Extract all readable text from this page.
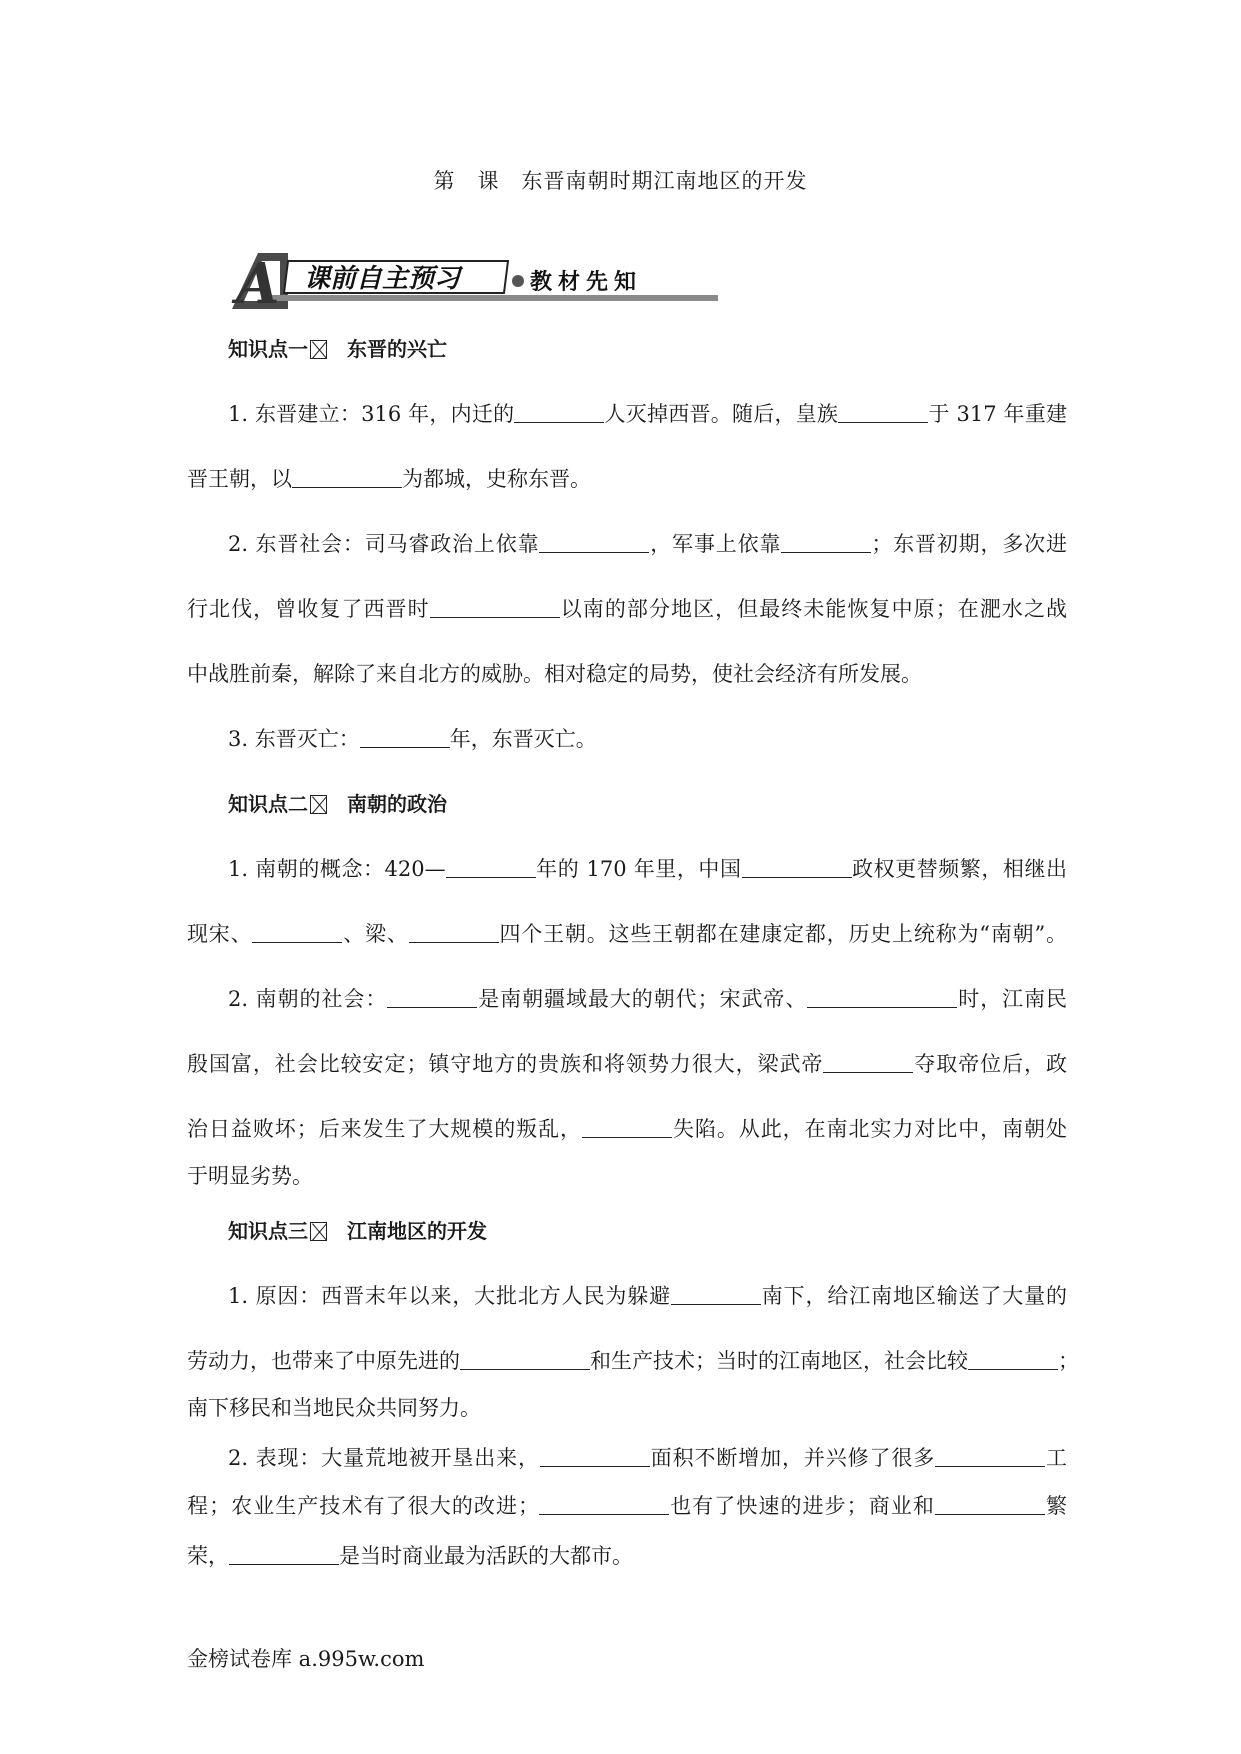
第　课　东晋南朝时期江南地区的开发
A 课前自主预习	教材先知
知识点一 东晋的兴亡
1. 东晋建立：316 年，内迁的	人灭掉西晋。随后，皇族	于 317 年重建
晋王朝，以	为都城，史称东晋。
2. 东晋社会：司马睿政治上依靠	，军事上依靠	；东晋初期，多次进
行北伐，曾收复了西晋时	以南的部分地区，但最终未能恢复中原；在淝水之战
中战胜前秦，解除了来自北方的威胁。相对稳定的局势，使社会经济有所发展。
3. 东晋灭亡：	年，东晋灭亡。
知识点二 南朝的政治
1. 南朝的概念：420—	年的 170 年里，中国	政权更替频繁，相继出
现宋、	、梁、	四个王朝。这些王朝都在建康定都，历史上统称为“南朝”。
2. 南朝的社会：	是南朝疆域最大的朝代；宋武帝、	时，江南民
殷国富，社会比较安定；镇守地方的贵族和将领势力很大，梁武帝	夺取帝位后，政
治日益败坏；后来发生了大规模的叛乱，	失陷。从此，在南北实力对比中，南朝处
于明显劣势。
知识点三 江南地区的开发
1. 原因：西晋末年以来，大批北方人民为躲避	南下，给江南地区输送了大量的
劳动力，也带来了中原先进的	和生产技术；当时的江南地区，社会比较	；
南下移民和当地民众共同努力。
2. 表现：大量荒地被开垦出来，	面积不断增加，并兴修了很多	工
程；农业生产技术有了很大的改进；	也有了快速的进步；商业和	繁
荣，	是当时商业最为活跃的大都市。
金榜试卷库 a.995w.com
